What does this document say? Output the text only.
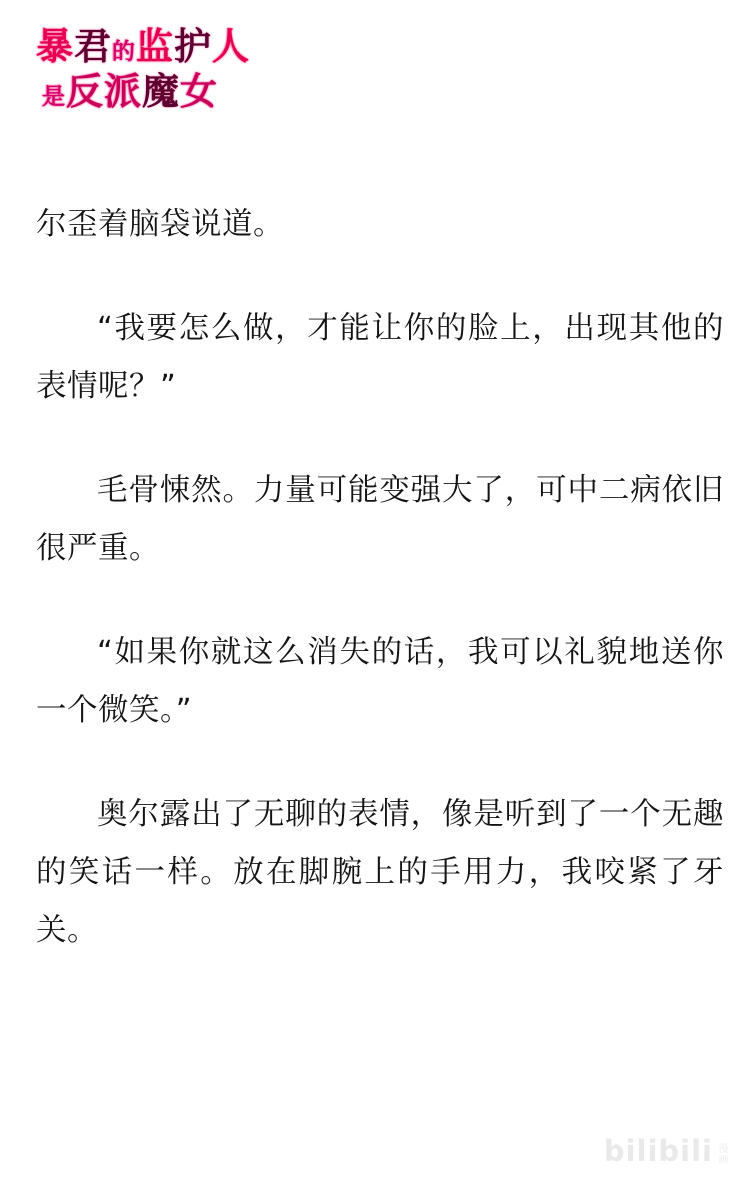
暴君的监护人
是反派魔女

尔歪着脑袋说道。

“我要怎么做，才能让你的脸上，出现其他的表情呢？”

毛骨悚然。力量可能变强大了，可中二病依旧很严重。

“如果你就这么消失的话，我可以礼貌地送你一个微笑。”

奥尔露出了无聊的表情，像是听到了一个无趣的笑话一样。放在脚腕上的手用力，我咬紧了牙关。

bilibili 漫
画
